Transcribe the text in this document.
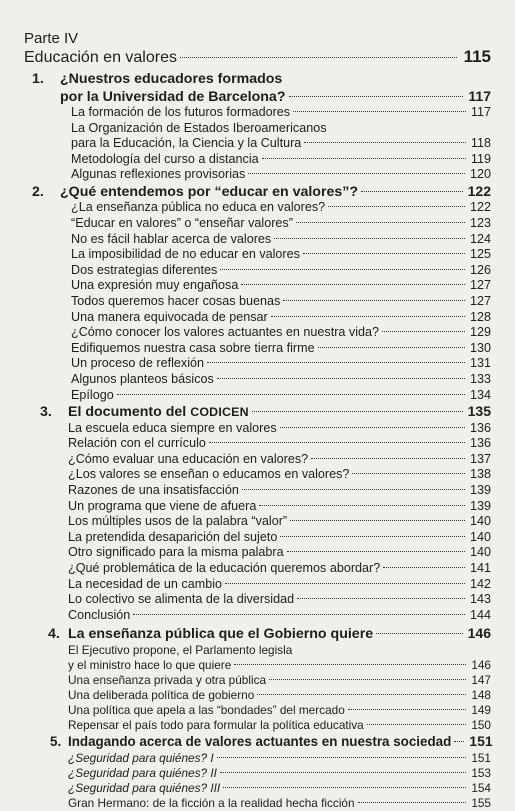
Parte IV
Educación en valores	115
1.	¿Nuestros educadores formados
por la Universidad de Barcelona?	117
La formación de los futuros formadores	117
La Organización de Estados Iberoamericanos
para la Educación, la Ciencia y la Cultura	118
Metodología del curso a distancia	119
Algunas reflexiones provisorias	120
2.	¿Qué entendemos por “educar en valores”?	122
¿La enseñanza pública no educa en valores?	122
“Educar en valores” o “enseñar valores”	123
No es fácil hablar acerca de valores	124
La imposibilidad de no educar en valores	125
Dos estrategias diferentes	126
Una expresión muy engañosa	127
Todos queremos hacer cosas buenas	127
Una manera equivocada de pensar	128
¿Cómo conocer los valores actuantes en nuestra vida?	129
Edifiquemos nuestra casa sobre tierra firme	130
Un proceso de reflexión	131
Algunos planteos básicos	133
Epílogo	134
3.	El documento del CODICEN	135
La escuela educa siempre en valores	136
Relación con el currículo	136
¿Cómo evaluar una educación en valores?	137
¿Los valores se enseñan o educamos en valores?	138
Razones de una insatisfacción	139
Un programa que viene de afuera	139
Los múltiples usos de la palabra “valor”	140
La pretendida desaparición del sujeto	140
Otro significado para la misma palabra	140
¿Qué problemática de la educación queremos abordar?	141
La necesidad de un cambio	142
Lo colectivo se alimenta de la diversidad	143
Conclusión	144
4. La enseñanza pública que el Gobierno quiere	146
El Ejecutivo propone, el Parlamento legisla
y el ministro hace lo que quiere	146
Una enseñanza privada y otra pública	147
Una deliberada política de gobierno	148
Una política que apela a las “bondades” del mercado	149
Repensar el país todo para formular la política educativa	150
5. Indagando acerca de valores actuantes en nuestra sociedad 151
¿Seguridad para quiénes? I	151
¿Seguridad para quiénes? II	153
¿Seguridad para quiénes? III	154
Gran Hermano: de la ficción a la realidad hecha ficción	155
